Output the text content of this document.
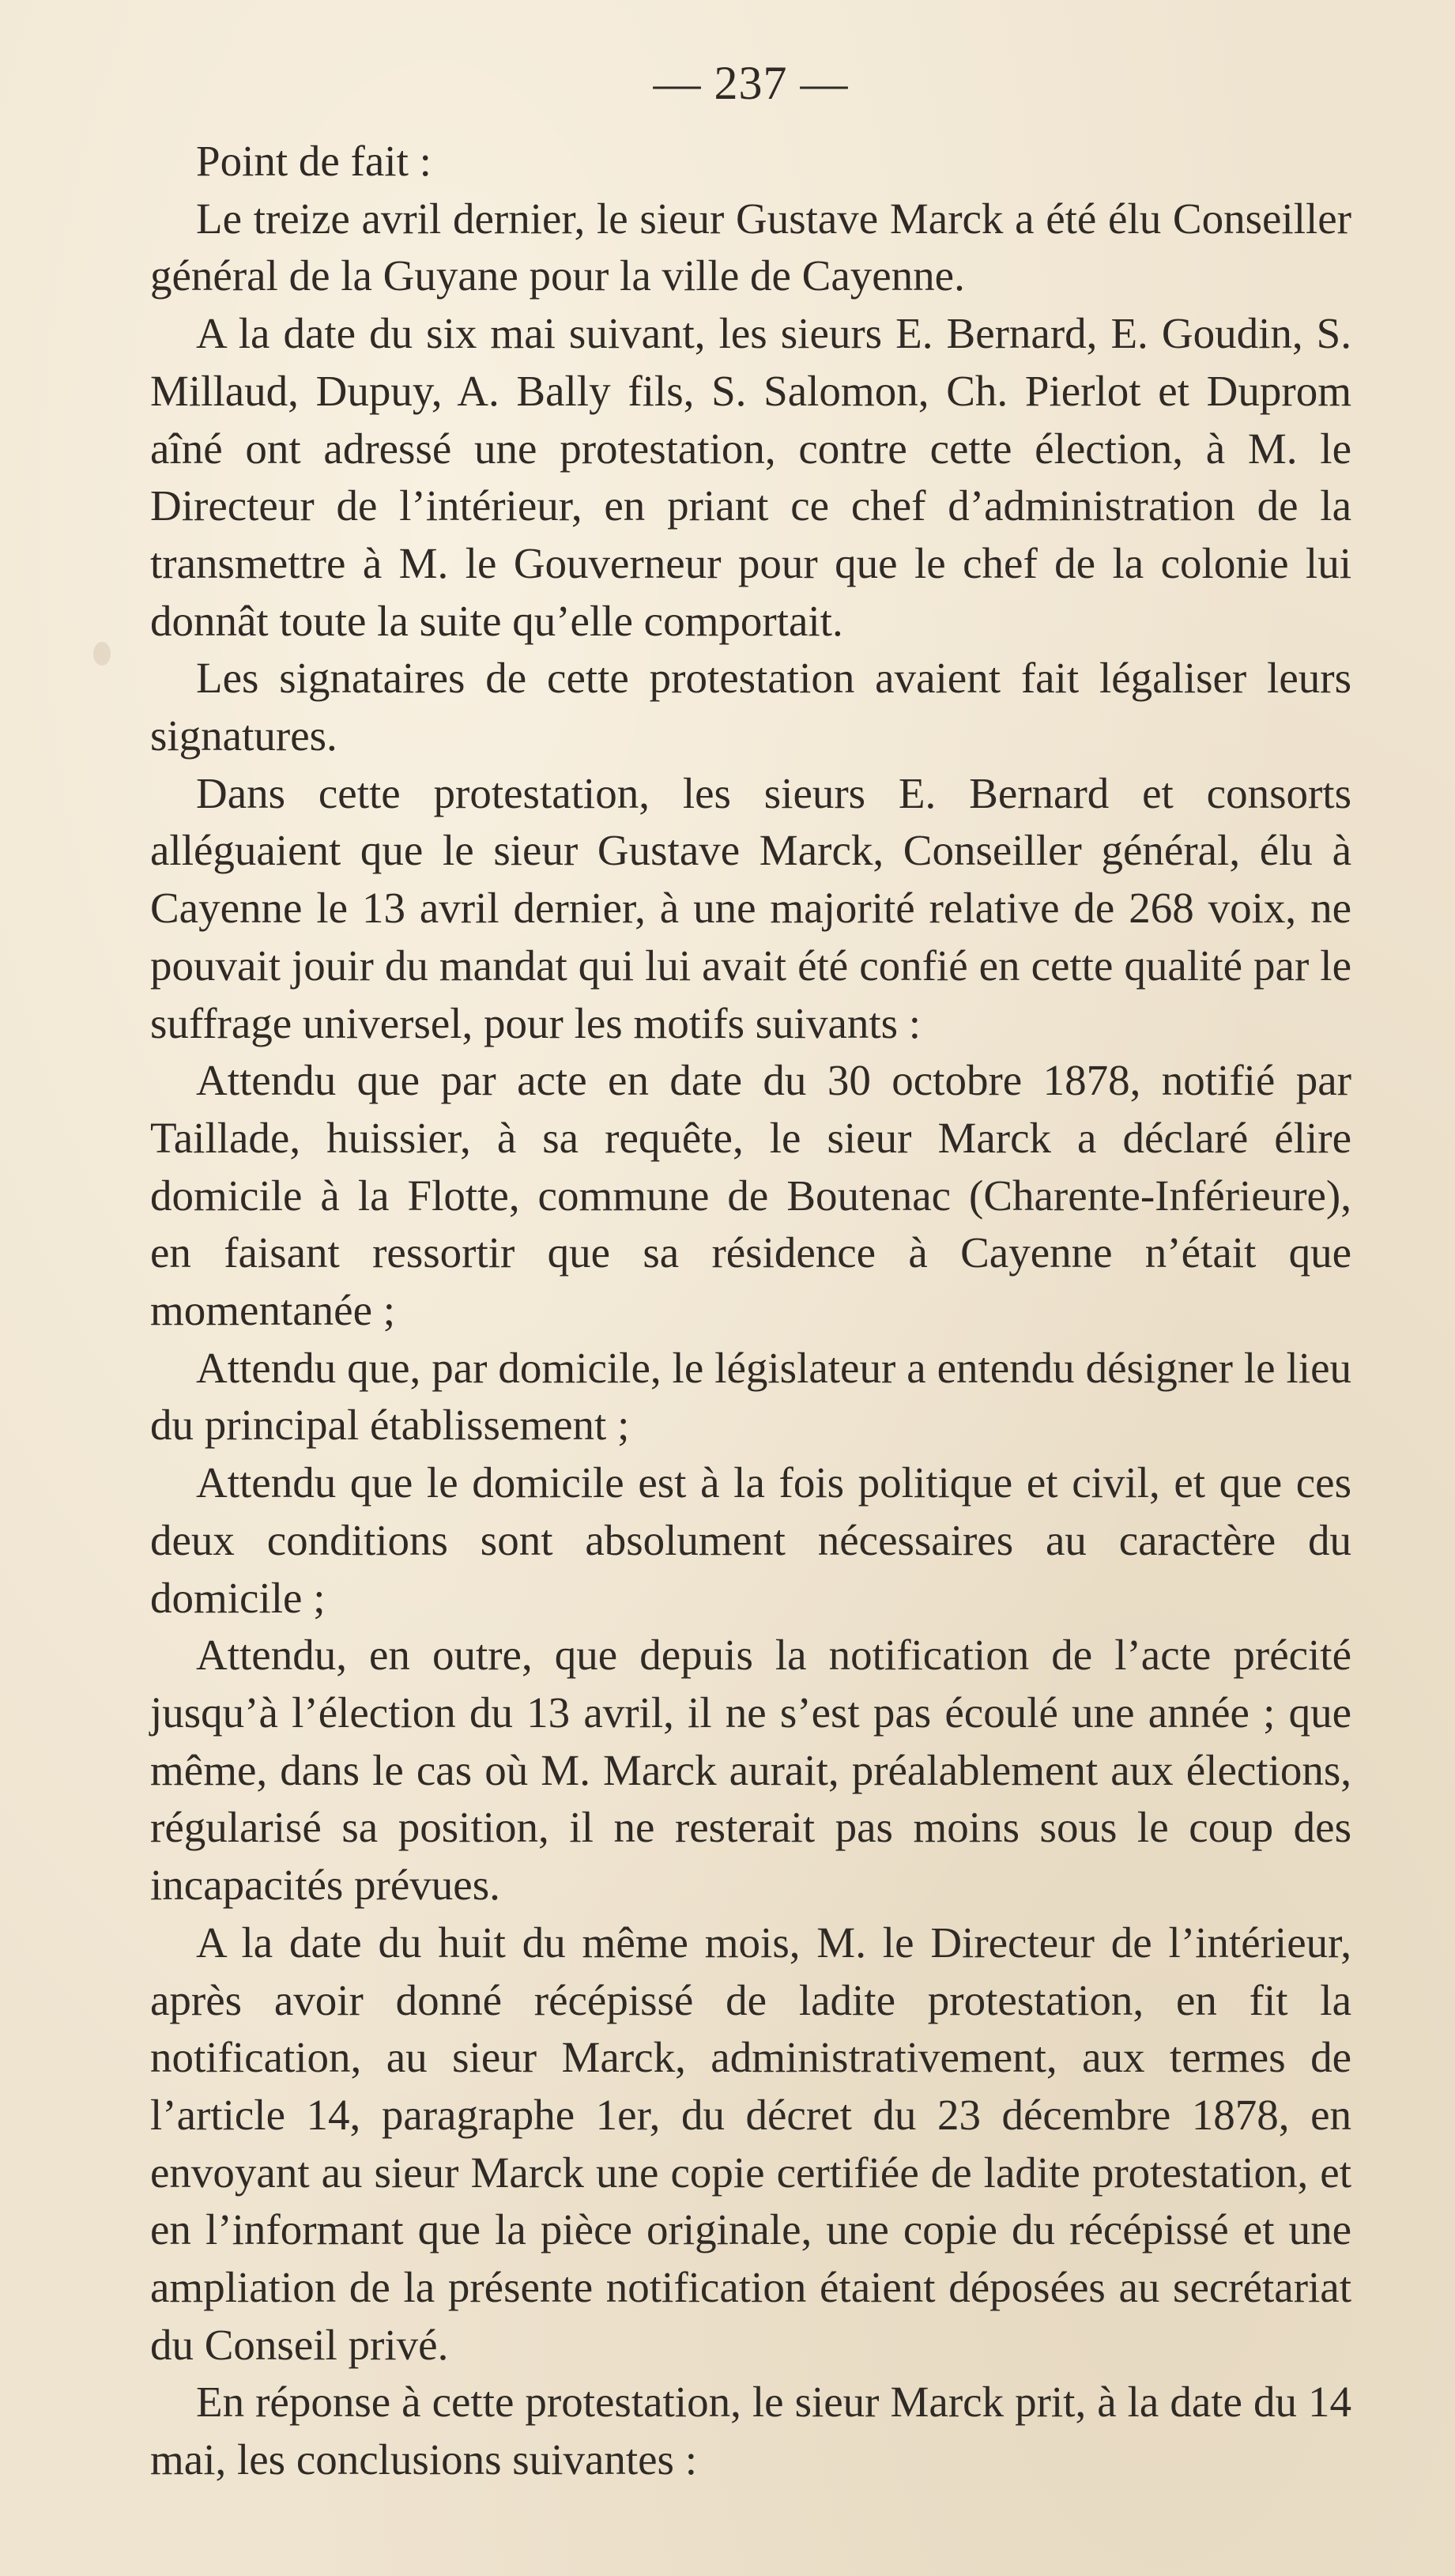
— 237 —

Point de fait :

Le treize avril dernier, le sieur Gustave Marck a été élu Conseiller général de la Guyane pour la ville de Cayenne.

A la date du six mai suivant, les sieurs E. Bernard, E. Goudin, S. Millaud, Dupuy, A. Bally fils, S. Salomon, Ch. Pierlot et Duprom aîné ont adressé une protestation, contre cette élection, à M. le Directeur de l’intérieur, en priant ce chef d’administration de la transmettre à M. le Gouverneur pour que le chef de la colonie lui donnât toute la suite qu’elle comportait.

Les signataires de cette protestation avaient fait légaliser leurs signatures.

Dans cette protestation, les sieurs E. Bernard et consorts alléguaient que le sieur Gustave Marck, Conseiller général, élu à Cayenne le 13 avril dernier, à une majorité relative de 268 voix, ne pouvait jouir du mandat qui lui avait été confié en cette qualité par le suffrage universel, pour les motifs suivants :

Attendu que par acte en date du 30 octobre 1878, notifié par Taillade, huissier, à sa requête, le sieur Marck a déclaré élire domicile à la Flotte, commune de Boutenac (Charente-Inférieure), en faisant ressortir que sa résidence à Cayenne n’était que momentanée ;

Attendu que, par domicile, le législateur a entendu désigner le lieu du principal établissement ;

Attendu que le domicile est à la fois politique et civil, et que ces deux conditions sont absolument nécessaires au caractère du domicile ;

Attendu, en outre, que depuis la notification de l’acte précité jusqu’à l’élection du 13 avril, il ne s’est pas écoulé une année ; que même, dans le cas où M. Marck aurait, préalablement aux élections, régularisé sa position, il ne resterait pas moins sous le coup des incapacités prévues.

A la date du huit du même mois, M. le Directeur de l’intérieur, après avoir donné récépissé de ladite protestation, en fit la notification, au sieur Marck, administrativement, aux termes de l’article 14, paragraphe 1er, du décret du 23 décembre 1878, en envoyant au sieur Marck une copie certifiée de ladite protestation, et en l’informant que la pièce originale, une copie du récépissé et une ampliation de la présente notification étaient déposées au secrétariat du Conseil privé.

En réponse à cette protestation, le sieur Marck prit, à la date du 14 mai, les conclusions suivantes :
